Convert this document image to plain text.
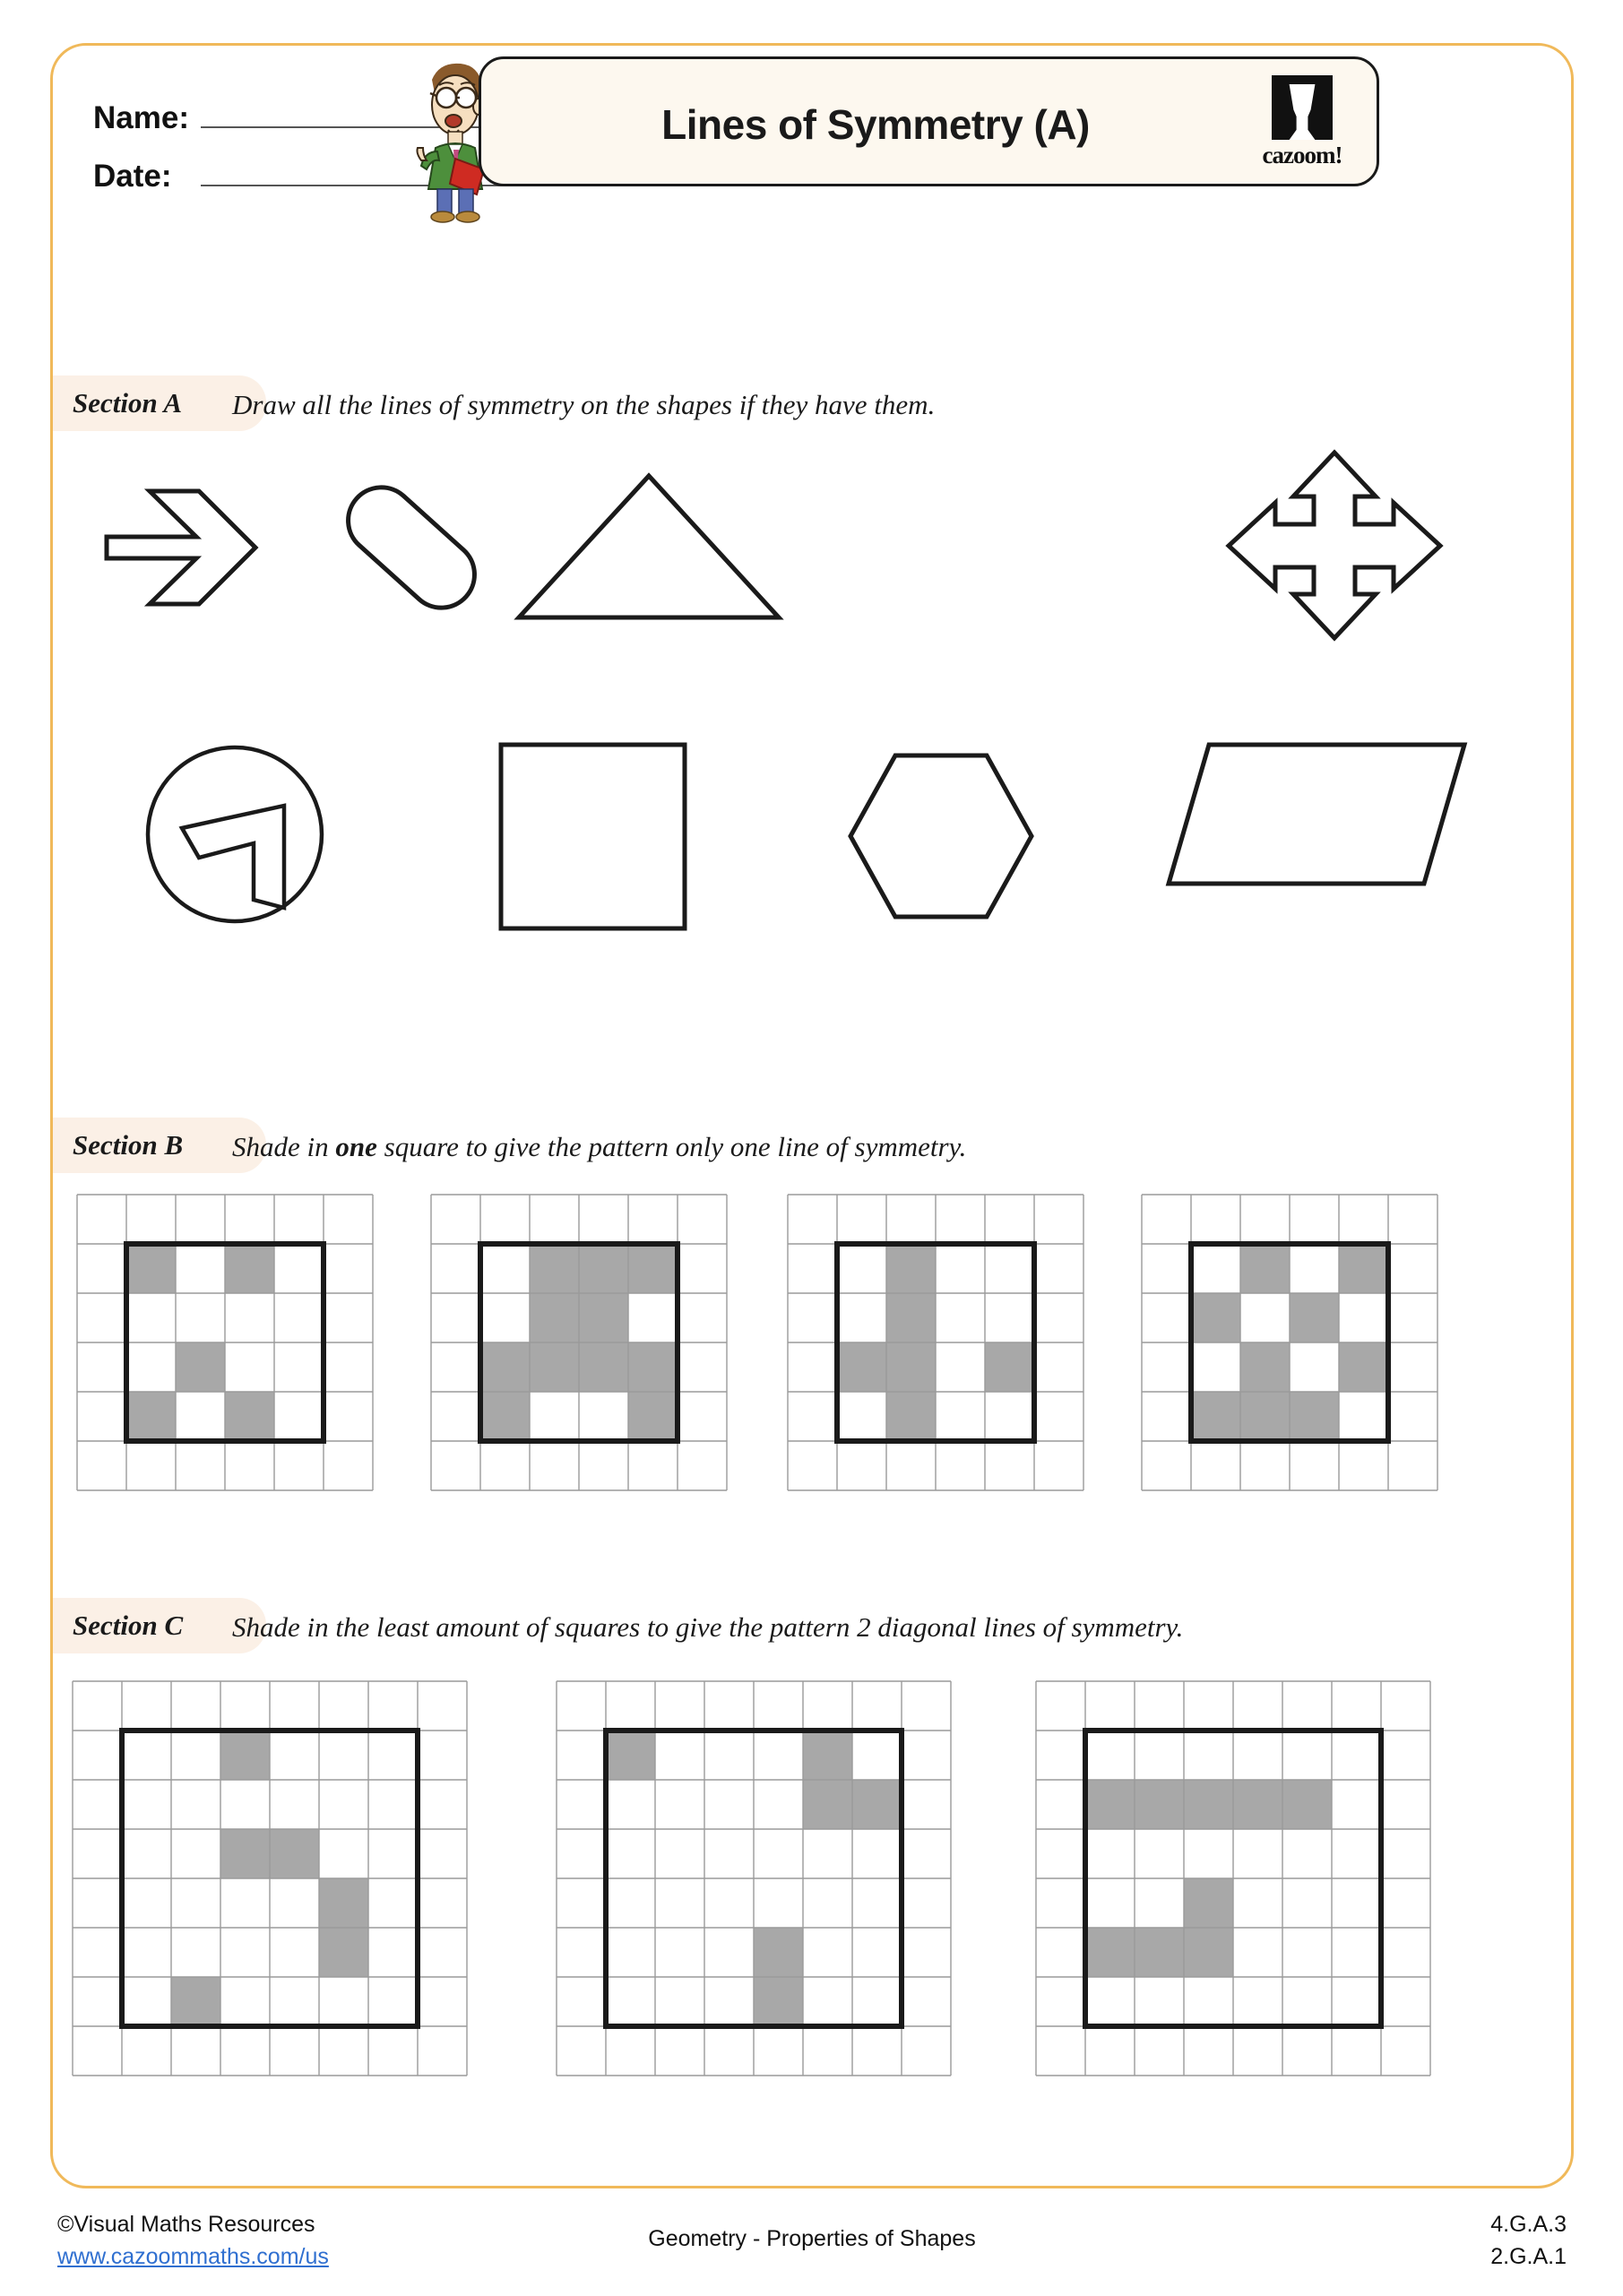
Name:
Date:
Lines of Symmetry (A)
cazoom!
Section A	Draw all the lines of symmetry on the shapes if they have them.
Section B	Shade in one square to give the pattern only one line of symmetry.
Section C	Shade in the least amount of squares to give the pattern 2 diagonal lines of symmetry.
©Visual Maths Resources
www.cazoommaths.com/us
Geometry - Properties of Shapes
4.G.A.3
2.G.A.1
